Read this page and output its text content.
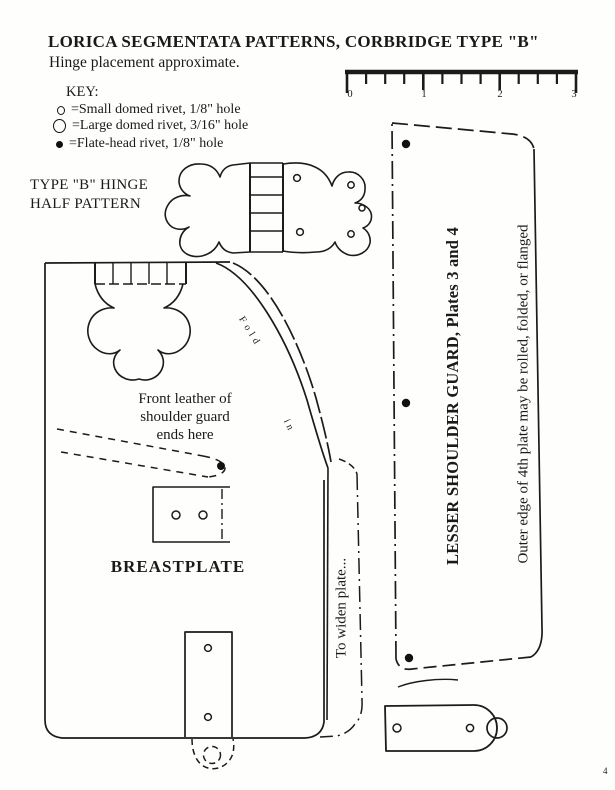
LORICA SEGMENTATA PATTERNS, CORBRIDGE TYPE "B"
Hinge placement approximate.
KEY:
=Small domed rivet, 1/8" hole
=Large domed rivet, 3/16" hole
=Flate-head rivet, 1/8" hole
0	1	2	3
TYPE "B" HINGE
HALF PATTERN
Front leather of
shoulder guard
ends here
BREASTPLATE	To widen plate...
Fold
in	LESSER SHOULDER GUARD, Plates 3 and 4	Outer edge of 4th plate may be rolled, folded, or flanged
4
